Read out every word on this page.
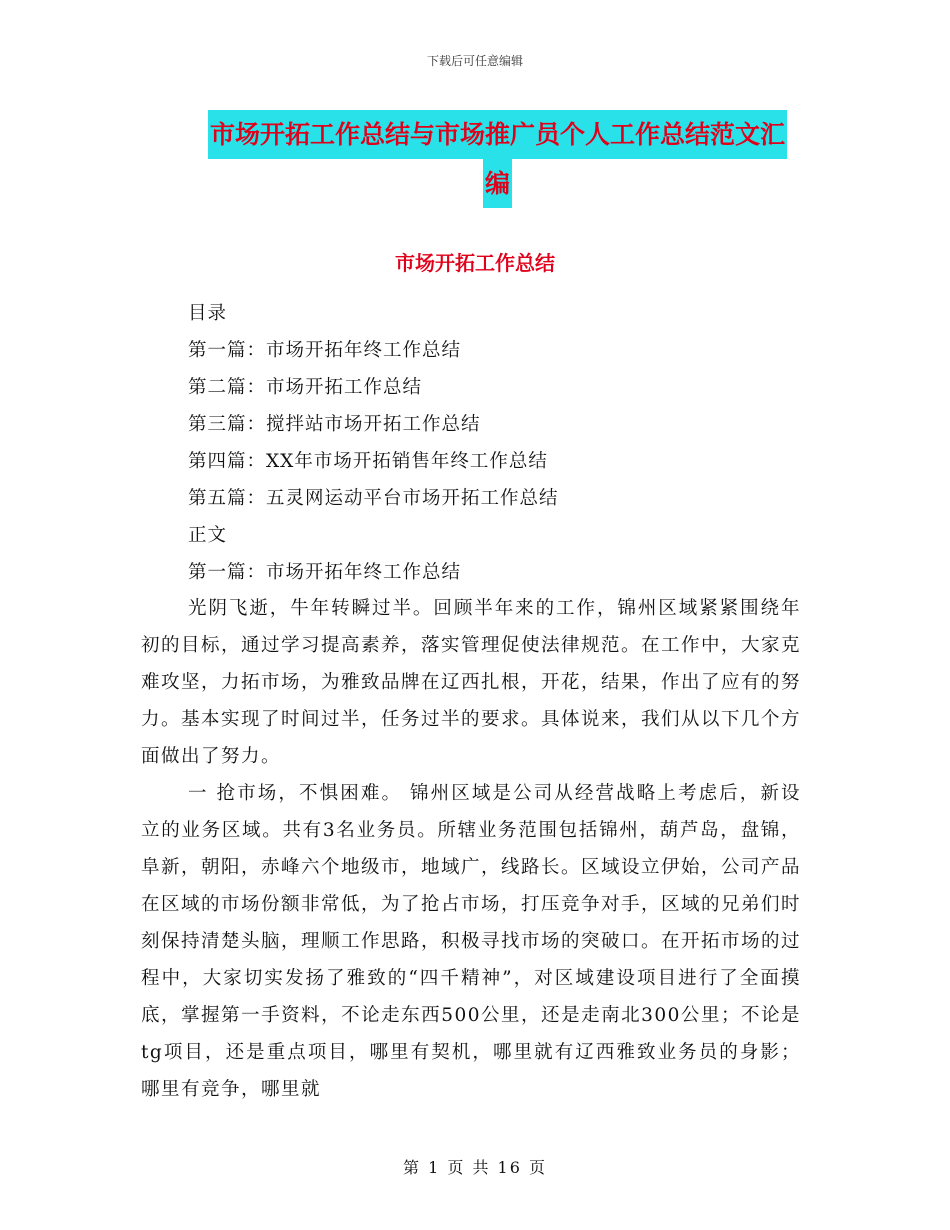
下载后可任意编辑
市场开拓工作总结与市场推广员个人工作总结范文汇
编
市场开拓工作总结
目录
第一篇：市场开拓年终工作总结
第二篇：市场开拓工作总结
第三篇：搅拌站市场开拓工作总结
第四篇：XX年市场开拓销售年终工作总结
第五篇：五灵网运动平台市场开拓工作总结
正文
第一篇：市场开拓年终工作总结

光阴飞逝，牛年转瞬过半。回顾半年来的工作，锦州区域紧紧围绕年初的目标，通过学习提高素养，落实管理促使法律规范。在工作中，大家克难攻坚，力拓市场，为雅致品牌在辽西扎根，开花，结果，作出了应有的努力。基本实现了时间过半，任务过半的要求。具体说来，我们从以下几个方面做出了努力。

一 抢市场，不惧困难。 锦州区域是公司从经营战略上考虑后，新设立的业务区域。共有3名业务员。所辖业务范围包括锦州，葫芦岛，盘锦，阜新，朝阳，赤峰六个地级市，地域广，线路长。区域设立伊始，公司产品在区域的市场份额非常低，为了抢占市场，打压竞争对手，区域的兄弟们时刻保持清楚头脑，理顺工作思路，积极寻找市场的突破口。在开拓市场的过程中，大家切实发扬了雅致的“四千精神”，对区域建设项目进行了全面摸底，掌握第一手资料，不论走东西500公里，还是走南北300公里；不论是tg项目，还是重点项目，哪里有契机，哪里就有辽西雅致业务员的身影；哪里有竞争，哪里就

第 1 页 共 16 页
